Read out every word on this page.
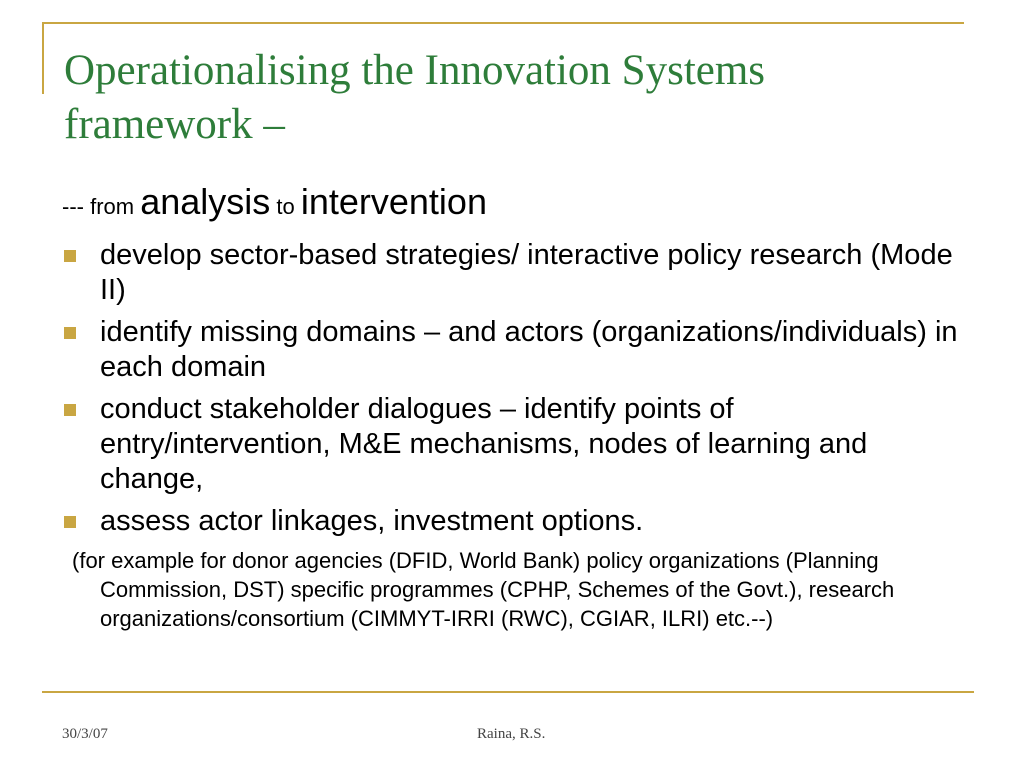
Operationalising the Innovation Systems framework –
--- from analysis to intervention
develop sector-based strategies/ interactive policy research (Mode II)
identify missing domains – and actors (organizations/individuals) in each domain
conduct stakeholder dialogues – identify points of entry/intervention, M&E mechanisms, nodes of learning and change,
assess actor linkages, investment options.

(for example for donor agencies (DFID, World Bank) policy organizations (Planning Commission, DST) specific programmes (CPHP, Schemes of the Govt.), research organizations/consortium (CIMMYT-IRRI (RWC), CGIAR, ILRI) etc.--)

30/3/07	Raina, R.S.
